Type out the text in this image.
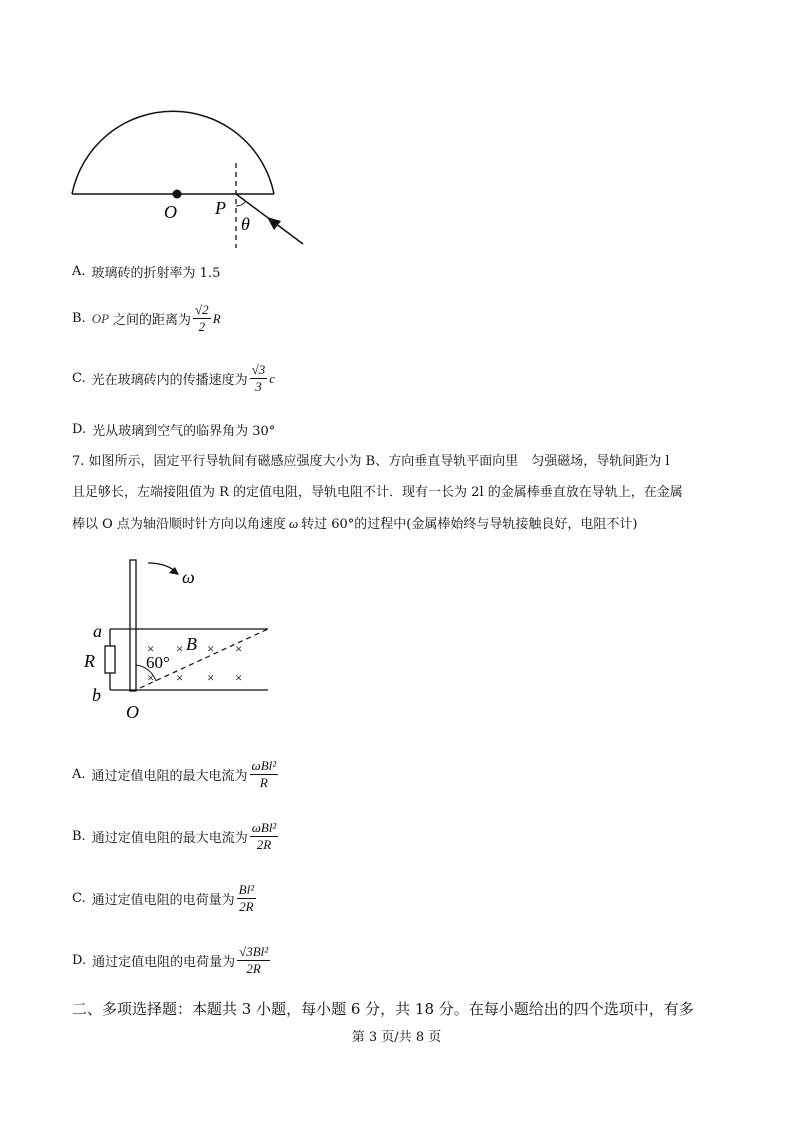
O P
θ
A. 玻璃砖的折射率为 1.5
B. OP 之间的距离为 $\frac{√2}{2}$ R
C. 光在玻璃砖内的传播速度为 $\frac{√3}{3}$ c
D. 光从玻璃到空气的临界角为 30°
7. 如图所示，固定平行导轨间有磁感应强度大小为 B、方向垂直导轨平面向里　匀强磁场，导轨间距为 l
且足够长，左端接阻值为 R 的定值电阻，导轨电阻不计．现有一长为 2l 的金属棒垂直放在导轨上，在金属
棒以 O 点为轴沿顺时针方向以角速度 ω 转过 60°的过程中(金属棒始终与导轨接触良好，电阻不计)
ω
× × × ×
× × × ×
a
R
b
B
60°
O
A. 通过定值电阻的最大电流为 $\frac{\text{ωBl²}}{R}$
B. 通过定值电阻的最大电流为 $\frac{\text{ωBl²}}{2R}$
C. 通过定值电阻的电荷量为 $\frac{\text{Bl²}}{2R}$
D. 通过定值电阻的电荷量为 $\frac{\text{√3Bl²}}{2R}$
二、多项选择题：本题共 3 小题，每小题 6 分，共 18 分。在每小题给出的四个选项中，有多
第 3 页/共 8 页
